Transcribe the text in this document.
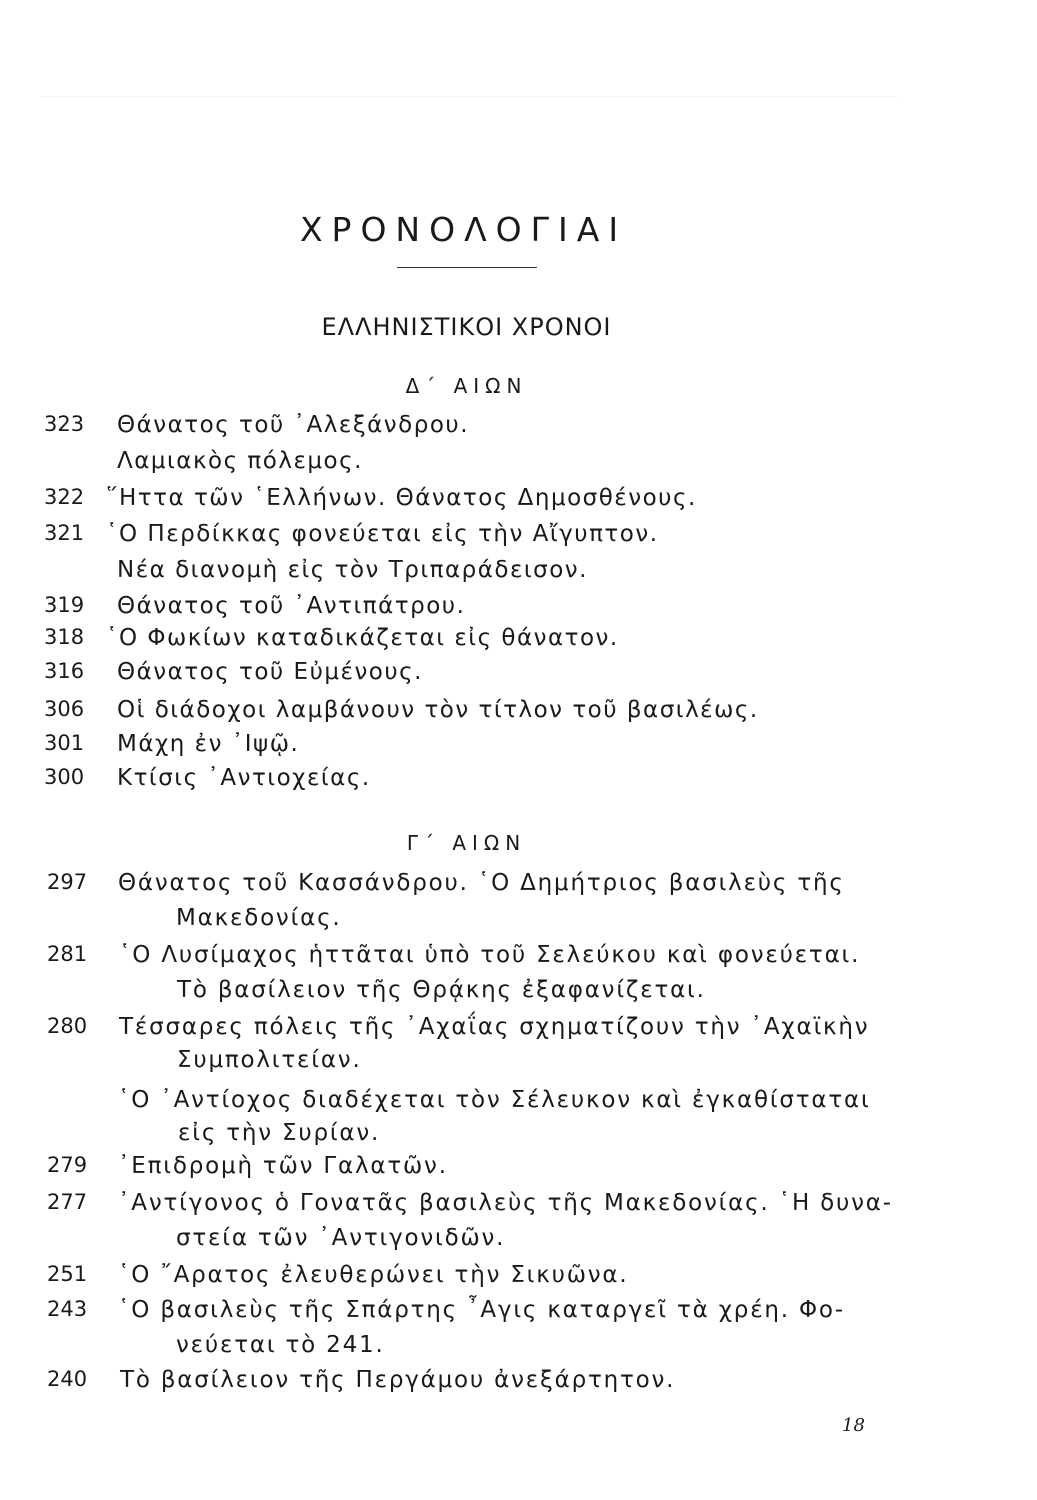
ΧΡΟΝΟΛΟΓΙΑΙ
ΕΛΛΗΝΙΣΤΙΚΟΙ ΧΡΟΝΟΙ
Δ΄ ΑΙΩΝ
323 Θάνατος τοῦ ᾿Αλεξάνδρου.
Λαμιακὸς πόλεμος.
322 ῞Ηττα τῶν ῾Ελλήνων. Θάνατος Δημοσθένους.
321 ῾Ο Περδίκκας φονεύεται εἰς τὴν Αἴγυπτον.
Νέα διανομὴ εἰς τὸν Τριπαράδεισον.
319 Θάνατος τοῦ ᾿Αντιπάτρου.
318 ῾Ο Φωκίων καταδικάζεται εἰς θάνατον.
316 Θάνατος τοῦ Εὐμένους.
306 Οἱ διάδοχοι λαμβάνουν τὸν τίτλον τοῦ βασιλέως.
301 Μάχη ἐν ᾿Ιψῷ.
300 Κτίσις ᾿Αντιοχείας.
Γ΄ ΑΙΩΝ
297 Θάνατος τοῦ Κασσάνδρου. ῾Ο Δημήτριος βασιλεὺς τῆς
Μακεδονίας.
281 ῾Ο Λυσίμαχος ἡττᾶται ὑπὸ τοῦ Σελεύκου καὶ φονεύεται.
Τὸ βασίλειον τῆς Θρᾴκης ἐξαφανίζεται.
280 Τέσσαρες πόλεις τῆς ᾿Αχαΐας σχηματίζουν τὴν ᾿Αχαϊκὴν
Συμπολιτείαν.
῾Ο ᾿Αντίοχος διαδέχεται τὸν Σέλευκον καὶ ἐγκαθίσταται
εἰς τὴν Συρίαν.
279 ᾿Επιδρομὴ τῶν Γαλατῶν.
277 ᾿Αντίγονος ὁ Γονατᾶς βασιλεὺς τῆς Μακεδονίας. ῾Η δυνα-
στεία τῶν ᾿Αντιγονιδῶν.
251 ῾Ο ῎Αρατος ἐλευθερώνει τὴν Σικυῶνα.
243 ῾Ο βασιλεὺς τῆς Σπάρτης ῏Αγις καταργεῖ τὰ χρέη. Φο-
νεύεται τὸ 241.
240 Τὸ βασίλειον τῆς Περγάμου ἀνεξάρτητον.
18
